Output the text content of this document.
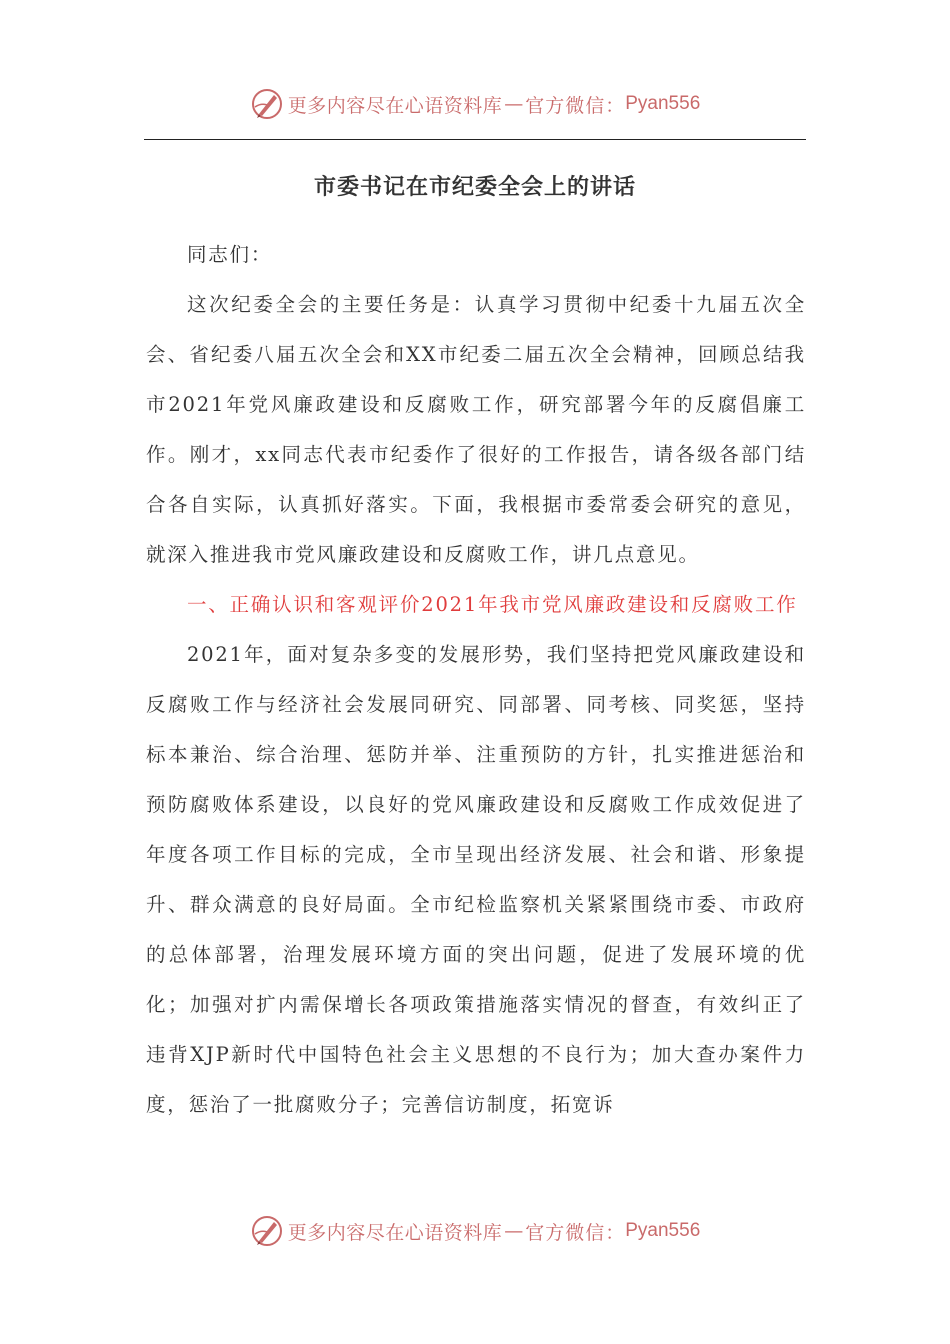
更多内容尽在心语资料库 — 官方微信： Pyan556
市委书记在市纪委全会上的讲话

同志们：

这次纪委全会的主要任务是：认真学习贯彻中纪委十九届五次全会、省纪委八届五次全会和XX市纪委二届五次全会精神，回顾总结我市2021年党风廉政建设和反腐败工作，研究部署今年的反腐倡廉工作。刚才，xx同志代表市纪委作了很好的工作报告，请各级各部门结合各自实际，认真抓好落实。下面，我根据市委常委会研究的意见，就深入推进我市党风廉政建设和反腐败工作，讲几点意见。

一、正确认识和客观评价2021年我市党风廉政建设和反腐败工作

2021年，面对复杂多变的发展形势，我们坚持把党风廉政建设和反腐败工作与经济社会发展同研究、同部署、同考核、同奖惩，坚持标本兼治、综合治理、惩防并举、注重预防的方针，扎实推进惩治和预防腐败体系建设，以良好的党风廉政建设和反腐败工作成效促进了年度各项工作目标的完成，全市呈现出经济发展、社会和谐、形象提升、群众满意的良好局面。全市纪检监察机关紧紧围绕市委、市政府的总体部署，治理发展环境方面的突出问题，促进了发展环境的优化；加强对扩内需保增长各项政策措施落实情况的督查，有效纠正了违背XJP新时代中国特色社会主义思想的不良行为；加大查办案件力度，惩治了一批腐败分子；完善信访制度，拓宽诉

更多内容尽在心语资料库 — 官方微信： Pyan556
